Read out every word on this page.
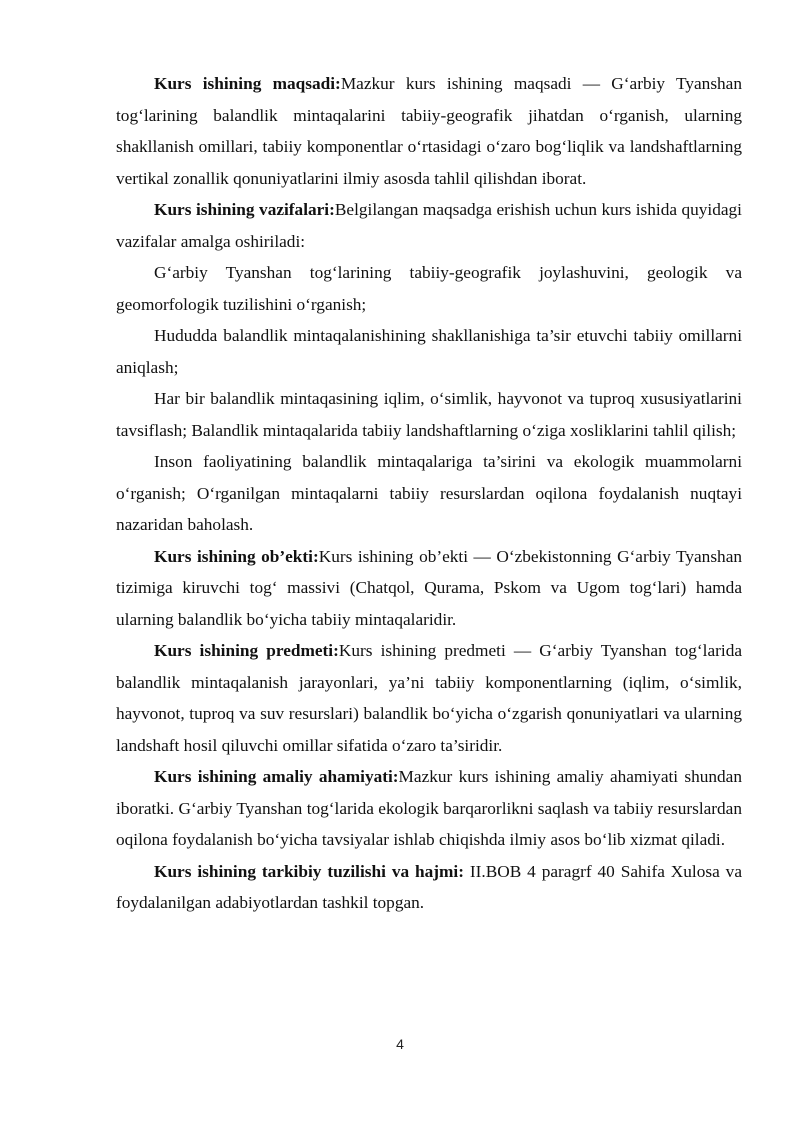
Kurs ishining maqsadi:Mazkur kurs ishining maqsadi — G‘arbiy Tyanshan tog‘larining balandlik mintaqalarini tabiiy-geografik jihatdan o‘rganish, ularning shakllanish omillari, tabiiy komponentlar o‘rtasidagi o‘zaro bog‘liqlik va landshaftlarning vertikal zonallik qonuniyatlarini ilmiy asosda tahlil qilishdan iborat.

Kurs ishining vazifalari:Belgilangan maqsadga erishish uchun kurs ishida quyidagi vazifalar amalga oshiriladi:

G‘arbiy Tyanshan tog‘larining tabiiy-geografik joylashuvini, geologik va geomorfologik tuzilishini o‘rganish;

Hududda balandlik mintaqalanishining shakllanishiga ta’sir etuvchi tabiiy omillarni aniqlash;

Har bir balandlik mintaqasining iqlim, o‘simlik, hayvonot va tuproq xususiyatlarini tavsiflash; Balandlik mintaqalarida tabiiy landshaftlarning o‘ziga xosliklarini tahlil qilish;

Inson faoliyatining balandlik mintaqalariga ta’sirini va ekologik muammolarni o‘rganish; O‘rganilgan mintaqalarni tabiiy resurslardan oqilona foydalanish nuqtayi nazaridan baholash.

Kurs ishining ob’ekti:Kurs ishining ob’ekti — O‘zbekistonning G‘arbiy Tyanshan tizimiga kiruvchi tog‘ massivi (Chatqol, Qurama, Pskom va Ugom tog‘lari) hamda ularning balandlik bo‘yicha tabiiy mintaqalaridir.

Kurs ishining predmeti:Kurs ishining predmeti — G‘arbiy Tyanshan tog‘larida balandlik mintaqalanish jarayonlari, ya’ni tabiiy komponentlarning (iqlim, o‘simlik, hayvonot, tuproq va suv resurslari) balandlik bo‘yicha o‘zgarish qonuniyatlari va ularning landshaft hosil qiluvchi omillar sifatida o‘zaro ta’siridir.

Kurs ishining amaliy ahamiyati:Mazkur kurs ishining amaliy ahamiyati shundan iboratki. G‘arbiy Tyanshan tog‘larida ekologik barqarorlikni saqlash va tabiiy resurslardan oqilona foydalanish bo‘yicha tavsiyalar ishlab chiqishda ilmiy asos bo‘lib xizmat qiladi.

Kurs ishining tarkibiy tuzilishi va hajmi: II.BOB 4 paragrf 40 Sahifa Xulosa va foydalanilgan adabiyotlardan tashkil topgan.

4
